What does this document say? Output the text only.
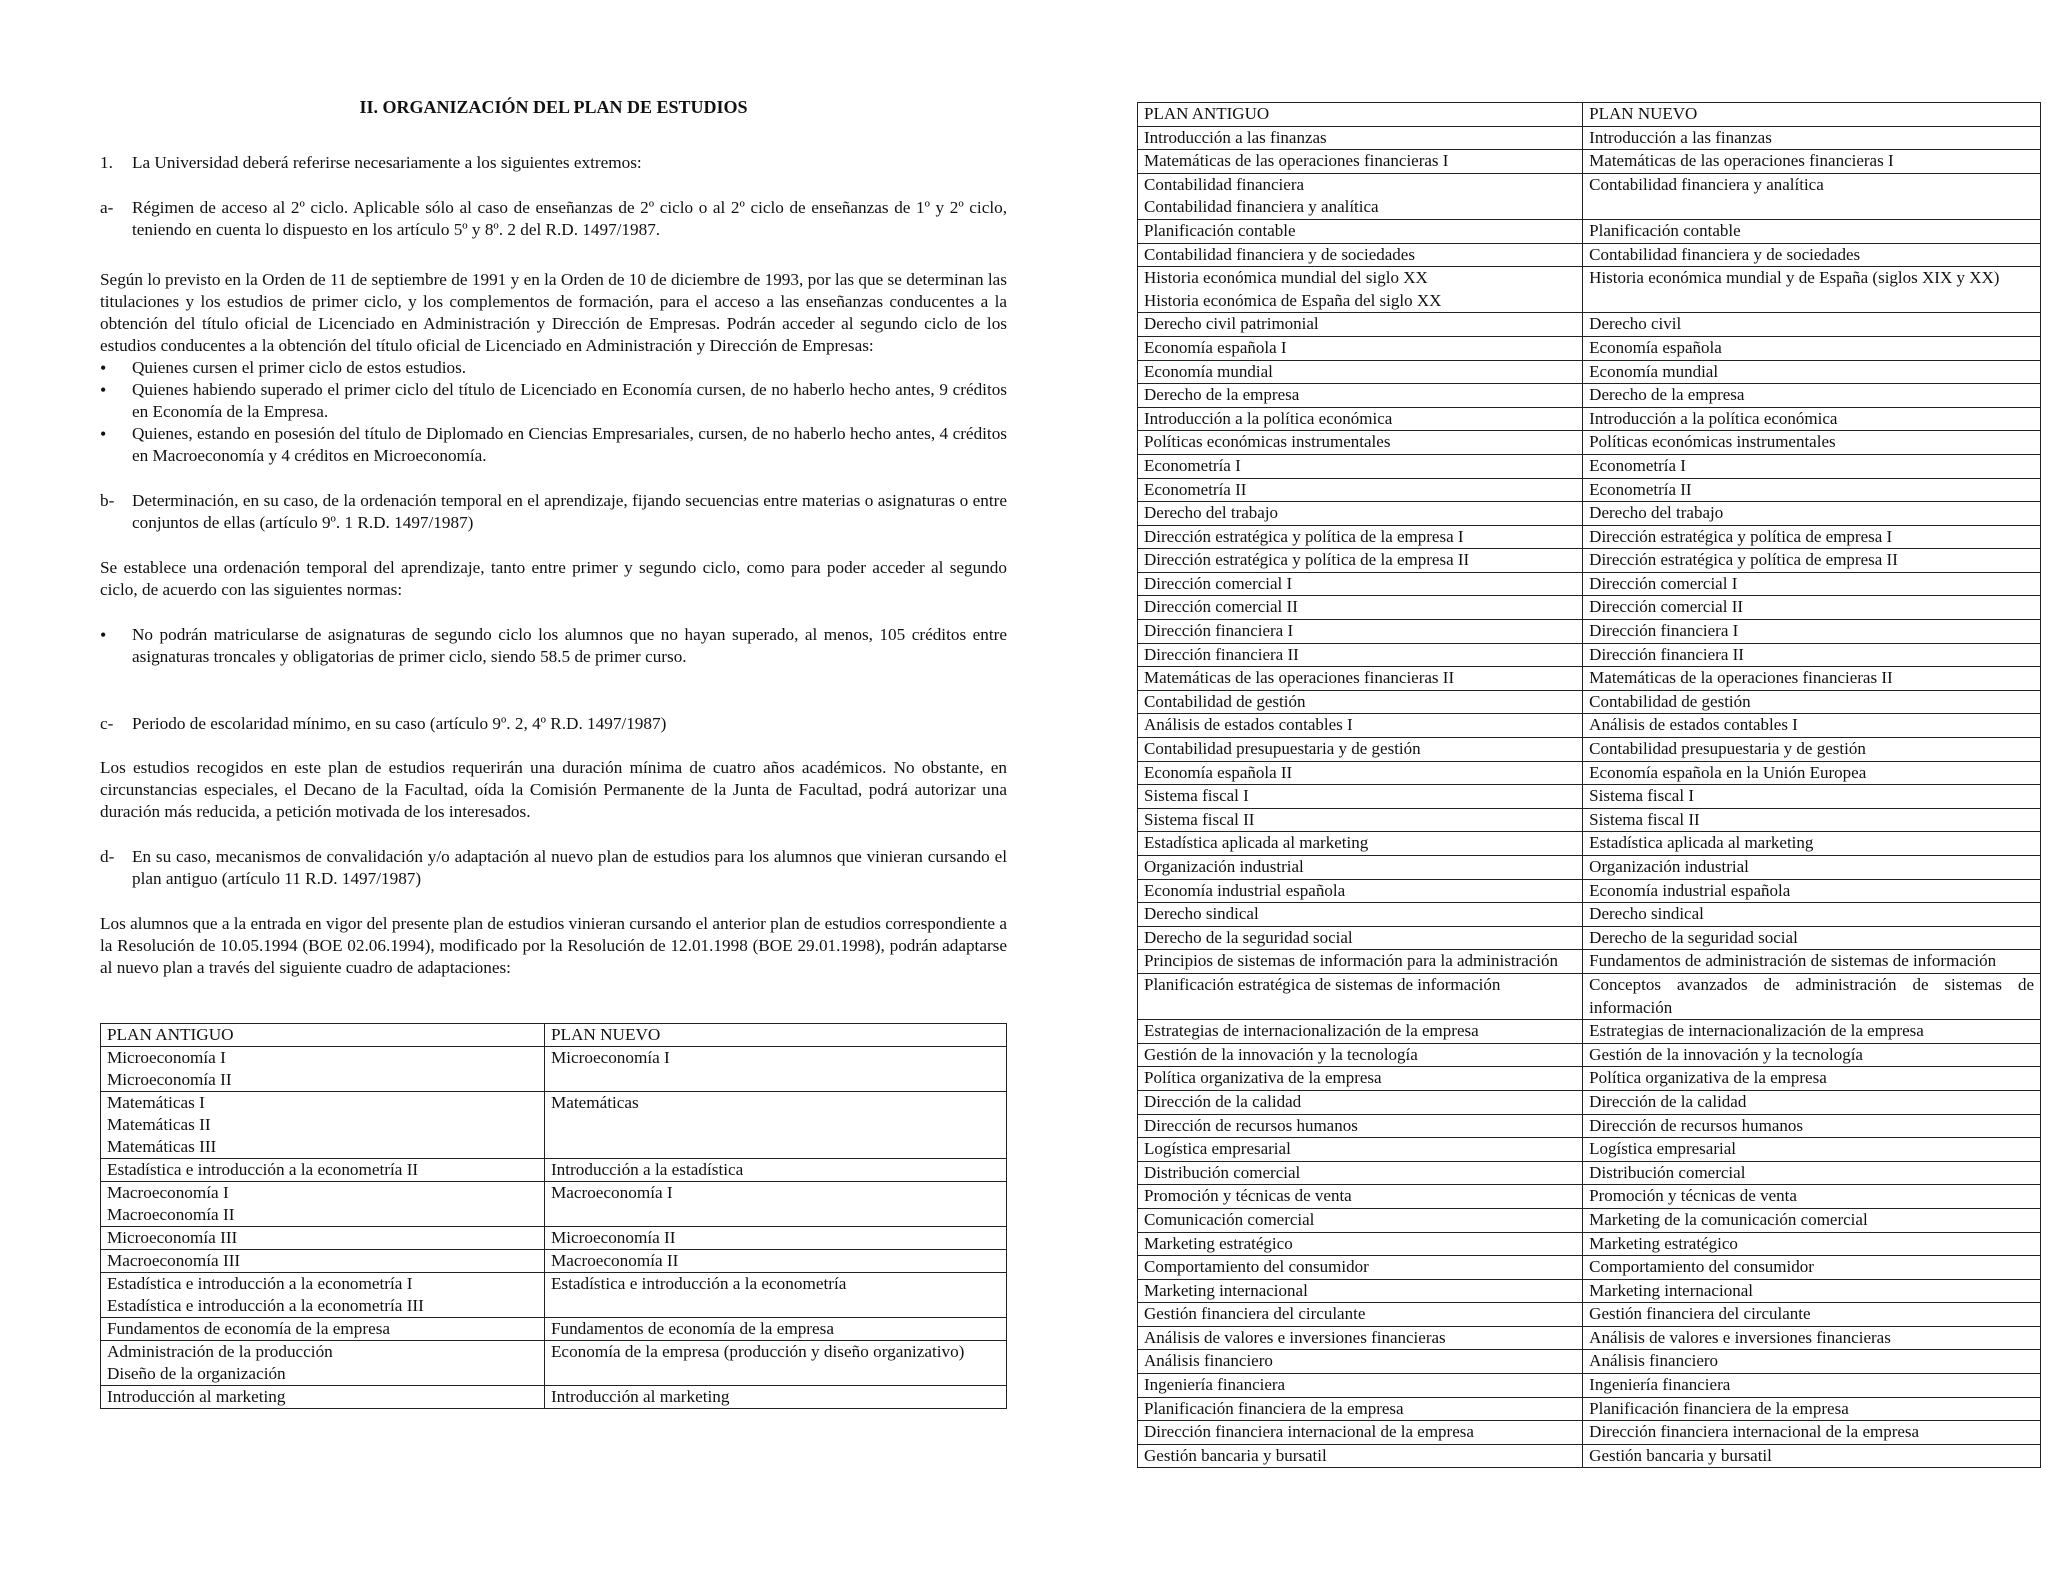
II. ORGANIZACIÓN DEL PLAN DE ESTUDIOS
1. La Universidad deberá referirse necesariamente a los siguientes extremos:
a- Régimen de acceso al 2º ciclo. Aplicable sólo al caso de enseñanzas de 2º ciclo o al 2º ciclo de enseñanzas de 1º y 2º ciclo, teniendo en cuenta lo dispuesto en los artículo 5º y 8º. 2 del R.D. 1497/1987.

Según lo previsto en la Orden de 11 de septiembre de 1991 y en la Orden de 10 de diciembre de 1993, por las que se determinan las titulaciones y los estudios de primer ciclo, y los complementos de formación, para el acceso a las enseñanzas conducentes a la obtención del título oficial de Licenciado en Administración y Dirección de Empresas. Podrán acceder al segundo ciclo de los estudios conducentes a la obtención del título oficial de Licenciado en Administración y Dirección de Empresas:

• Quienes cursen el primer ciclo de estos estudios.
• Quienes habiendo superado el primer ciclo del título de Licenciado en Economía cursen, de no haberlo hecho antes, 9 créditos en Economía de la Empresa.
• Quienes, estando en posesión del título de Diplomado en Ciencias Empresariales, cursen, de no haberlo hecho antes, 4 créditos en Macroeconomía y 4 créditos en Microeconomía.
b- Determinación, en su caso, de la ordenación temporal en el aprendizaje, fijando secuencias entre materias o asignaturas o entre conjuntos de ellas (artículo 9º. 1 R.D. 1497/1987)

Se establece una ordenación temporal del aprendizaje, tanto entre primer y segundo ciclo, como para poder acceder al segundo ciclo, de acuerdo con las siguientes normas:

• No podrán matricularse de asignaturas de segundo ciclo los alumnos que no hayan superado, al menos, 105 créditos entre asignaturas troncales y obligatorias de primer ciclo, siendo 58.5 de primer curso.
c- Periodo de escolaridad mínimo, en su caso (artículo 9º. 2, 4º R.D. 1497/1987)

Los estudios recogidos en este plan de estudios requerirán una duración mínima de cuatro años académicos. No obstante, en circunstancias especiales, el Decano de la Facultad, oída la Comisión Permanente de la Junta de Facultad, podrá autorizar una duración más reducida, a petición motivada de los interesados.

d- En su caso, mecanismos de convalidación y/o adaptación al nuevo plan de estudios para los alumnos que vinieran cursando el plan antiguo (artículo 11 R.D. 1497/1987)

Los alumnos que a la entrada en vigor del presente plan de estudios vinieran cursando el anterior plan de estudios correspondiente a la Resolución de 10.05.1994 (BOE 02.06.1994), modificado por la Resolución de 12.01.1998 (BOE 29.01.1998), podrán adaptarse al nuevo plan a través del siguiente cuadro de adaptaciones:

PLAN ANTIGUO	PLAN NUEVO

Microeconomía I
Microeconomía II	Microeconomía I

Matemáticas I
Matemáticas II
Matemáticas III	Matemáticas

Estadística e introducción a la econometría II	Introducción a la estadística

Macroeconomía I
Macroeconomía II	Macroeconomía I

Microeconomía III	Microeconomía II

Macroeconomía III	Macroeconomía II

Estadística e introducción a la econometría I
Estadística e introducción a la econometría III	Estadística e introducción a la econometría

Fundamentos de economía de la empresa	Fundamentos de economía de la empresa

Administración de la producción
Diseño de la organización	Economía de la empresa (producción y diseño organizativo)

Introducción al marketing	Introducción al marketing
PLAN ANTIGUO	PLAN NUEVO

Introducción a las finanzas	Introducción a las finanzas

Matemáticas de las operaciones financieras I	Matemáticas de las operaciones financieras I

Contabilidad financiera
Contabilidad financiera y analítica	Contabilidad financiera y analítica

Planificación contable	Planificación contable

Contabilidad financiera y de sociedades	Contabilidad financiera y de sociedades

Historia económica mundial del siglo XX
Historia económica de España del siglo XX	Historia económica mundial y de España (siglos XIX y XX)

Derecho civil patrimonial	Derecho civil

Economía española I	Economía española

Economía mundial	Economía mundial

Derecho de la empresa	Derecho de la empresa

Introducción a la política económica	Introducción a la política económica

Políticas económicas instrumentales	Políticas económicas instrumentales

Econometría I	Econometría I

Econometría II	Econometría II

Derecho del trabajo	Derecho del trabajo

Dirección estratégica y política de la empresa I	Dirección estratégica y política de empresa I

Dirección estratégica y política de la empresa II	Dirección estratégica y política de empresa II

Dirección comercial I	Dirección comercial I

Dirección comercial II	Dirección comercial II

Dirección financiera I	Dirección financiera I

Dirección financiera II	Dirección financiera II

Matemáticas de las operaciones financieras II	Matemáticas de la operaciones financieras II

Contabilidad de gestión	Contabilidad de gestión

Análisis de estados contables I	Análisis de estados contables I

Contabilidad presupuestaria y de gestión	Contabilidad presupuestaria y de gestión

Economía española II	Economía española en la Unión Europea

Sistema fiscal I	Sistema fiscal I

Sistema fiscal II	Sistema fiscal II

Estadística aplicada al marketing	Estadística aplicada al marketing

Organización industrial	Organización industrial

Economía industrial española	Economía industrial española

Derecho sindical	Derecho sindical

Derecho de la seguridad social	Derecho de la seguridad social

Principios de sistemas de información para la administración	Fundamentos de administración de sistemas de información

Planificación estratégica de sistemas de información	Conceptos avanzados de administración de sistemas de información

Estrategias de internacionalización de la empresa	Estrategias de internacionalización de la empresa

Gestión de la innovación y la tecnología	Gestión de la innovación y la tecnología

Política organizativa de la empresa	Política organizativa de la empresa

Dirección de la calidad	Dirección de la calidad

Dirección de recursos humanos	Dirección de recursos humanos

Logística empresarial	Logística empresarial

Distribución comercial	Distribución comercial

Promoción y técnicas de venta	Promoción y técnicas de venta

Comunicación comercial	Marketing de la comunicación comercial

Marketing estratégico	Marketing estratégico

Comportamiento del consumidor	Comportamiento del consumidor

Marketing internacional	Marketing internacional

Gestión financiera del circulante	Gestión financiera del circulante

Análisis de valores e inversiones financieras	Análisis de valores e inversiones financieras

Análisis financiero	Análisis financiero

Ingeniería financiera	Ingeniería financiera

Planificación financiera de la empresa	Planificación financiera de la empresa

Dirección financiera internacional de la empresa	Dirección financiera internacional de la empresa

Gestión bancaria y bursatil	Gestión bancaria y bursatil
